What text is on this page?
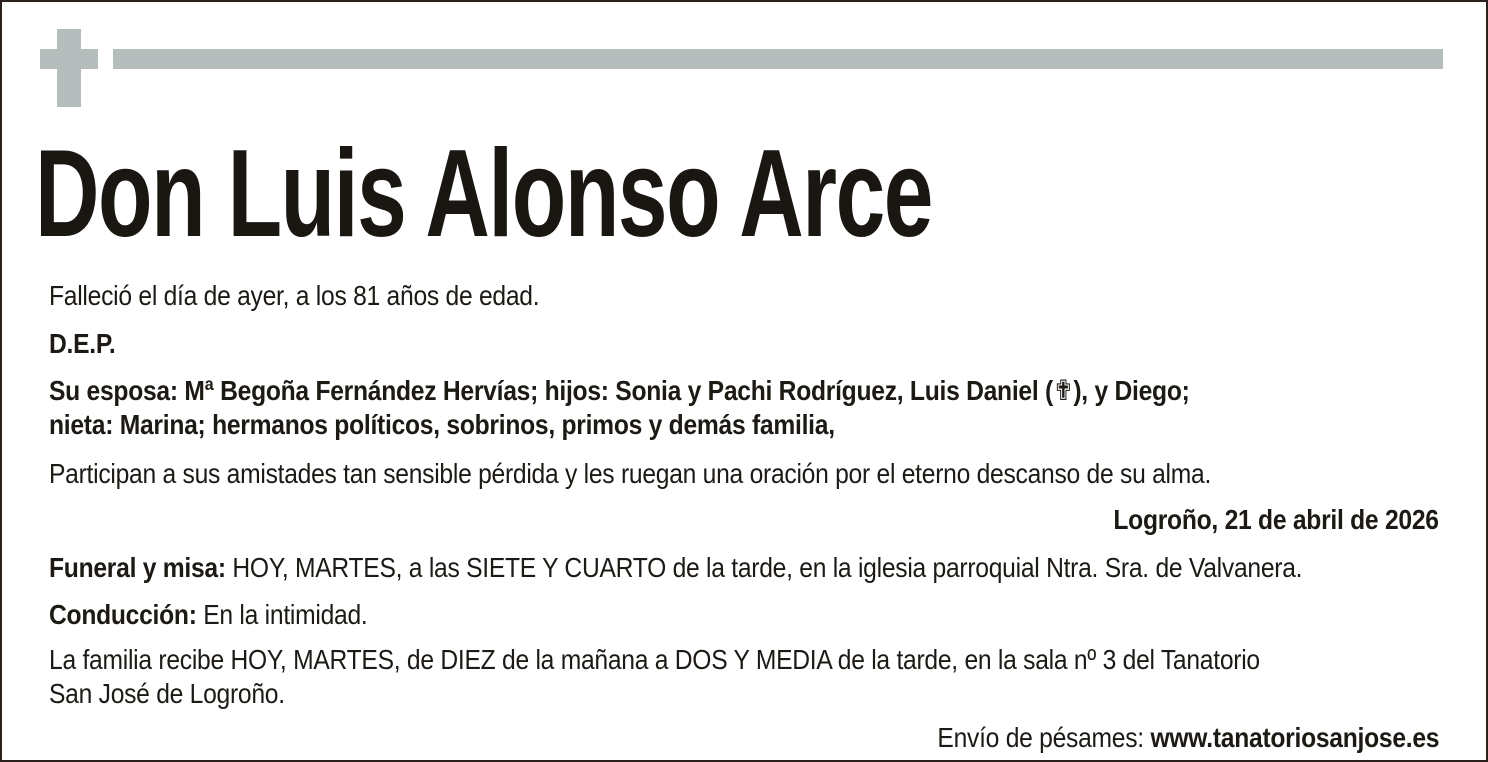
Don Luis Alonso Arce
Falleció el día de ayer, a los 81 años de edad.
D.E.P.
Su esposa: Mª Begoña Fernández Hervías; hijos: Sonia y Pachi Rodríguez, Luis Daniel (✟), y Diego;
nieta: Marina; hermanos políticos, sobrinos, primos y demás familia,
Participan a sus amistades tan sensible pérdida y les ruegan una oración por el eterno descanso de su alma.
Logroño, 21 de abril de 2026
Funeral y misa: HOY, MARTES, a las SIETE Y CUARTO de la tarde, en la iglesia parroquial Ntra. Sra. de Valvanera.
Conducción: En la intimidad.
La familia recibe HOY, MARTES, de DIEZ de la mañana a DOS Y MEDIA de la tarde, en la sala nº 3 del Tanatorio
San José de Logroño.
Envío de pésames: www.tanatoriosanjose.es
